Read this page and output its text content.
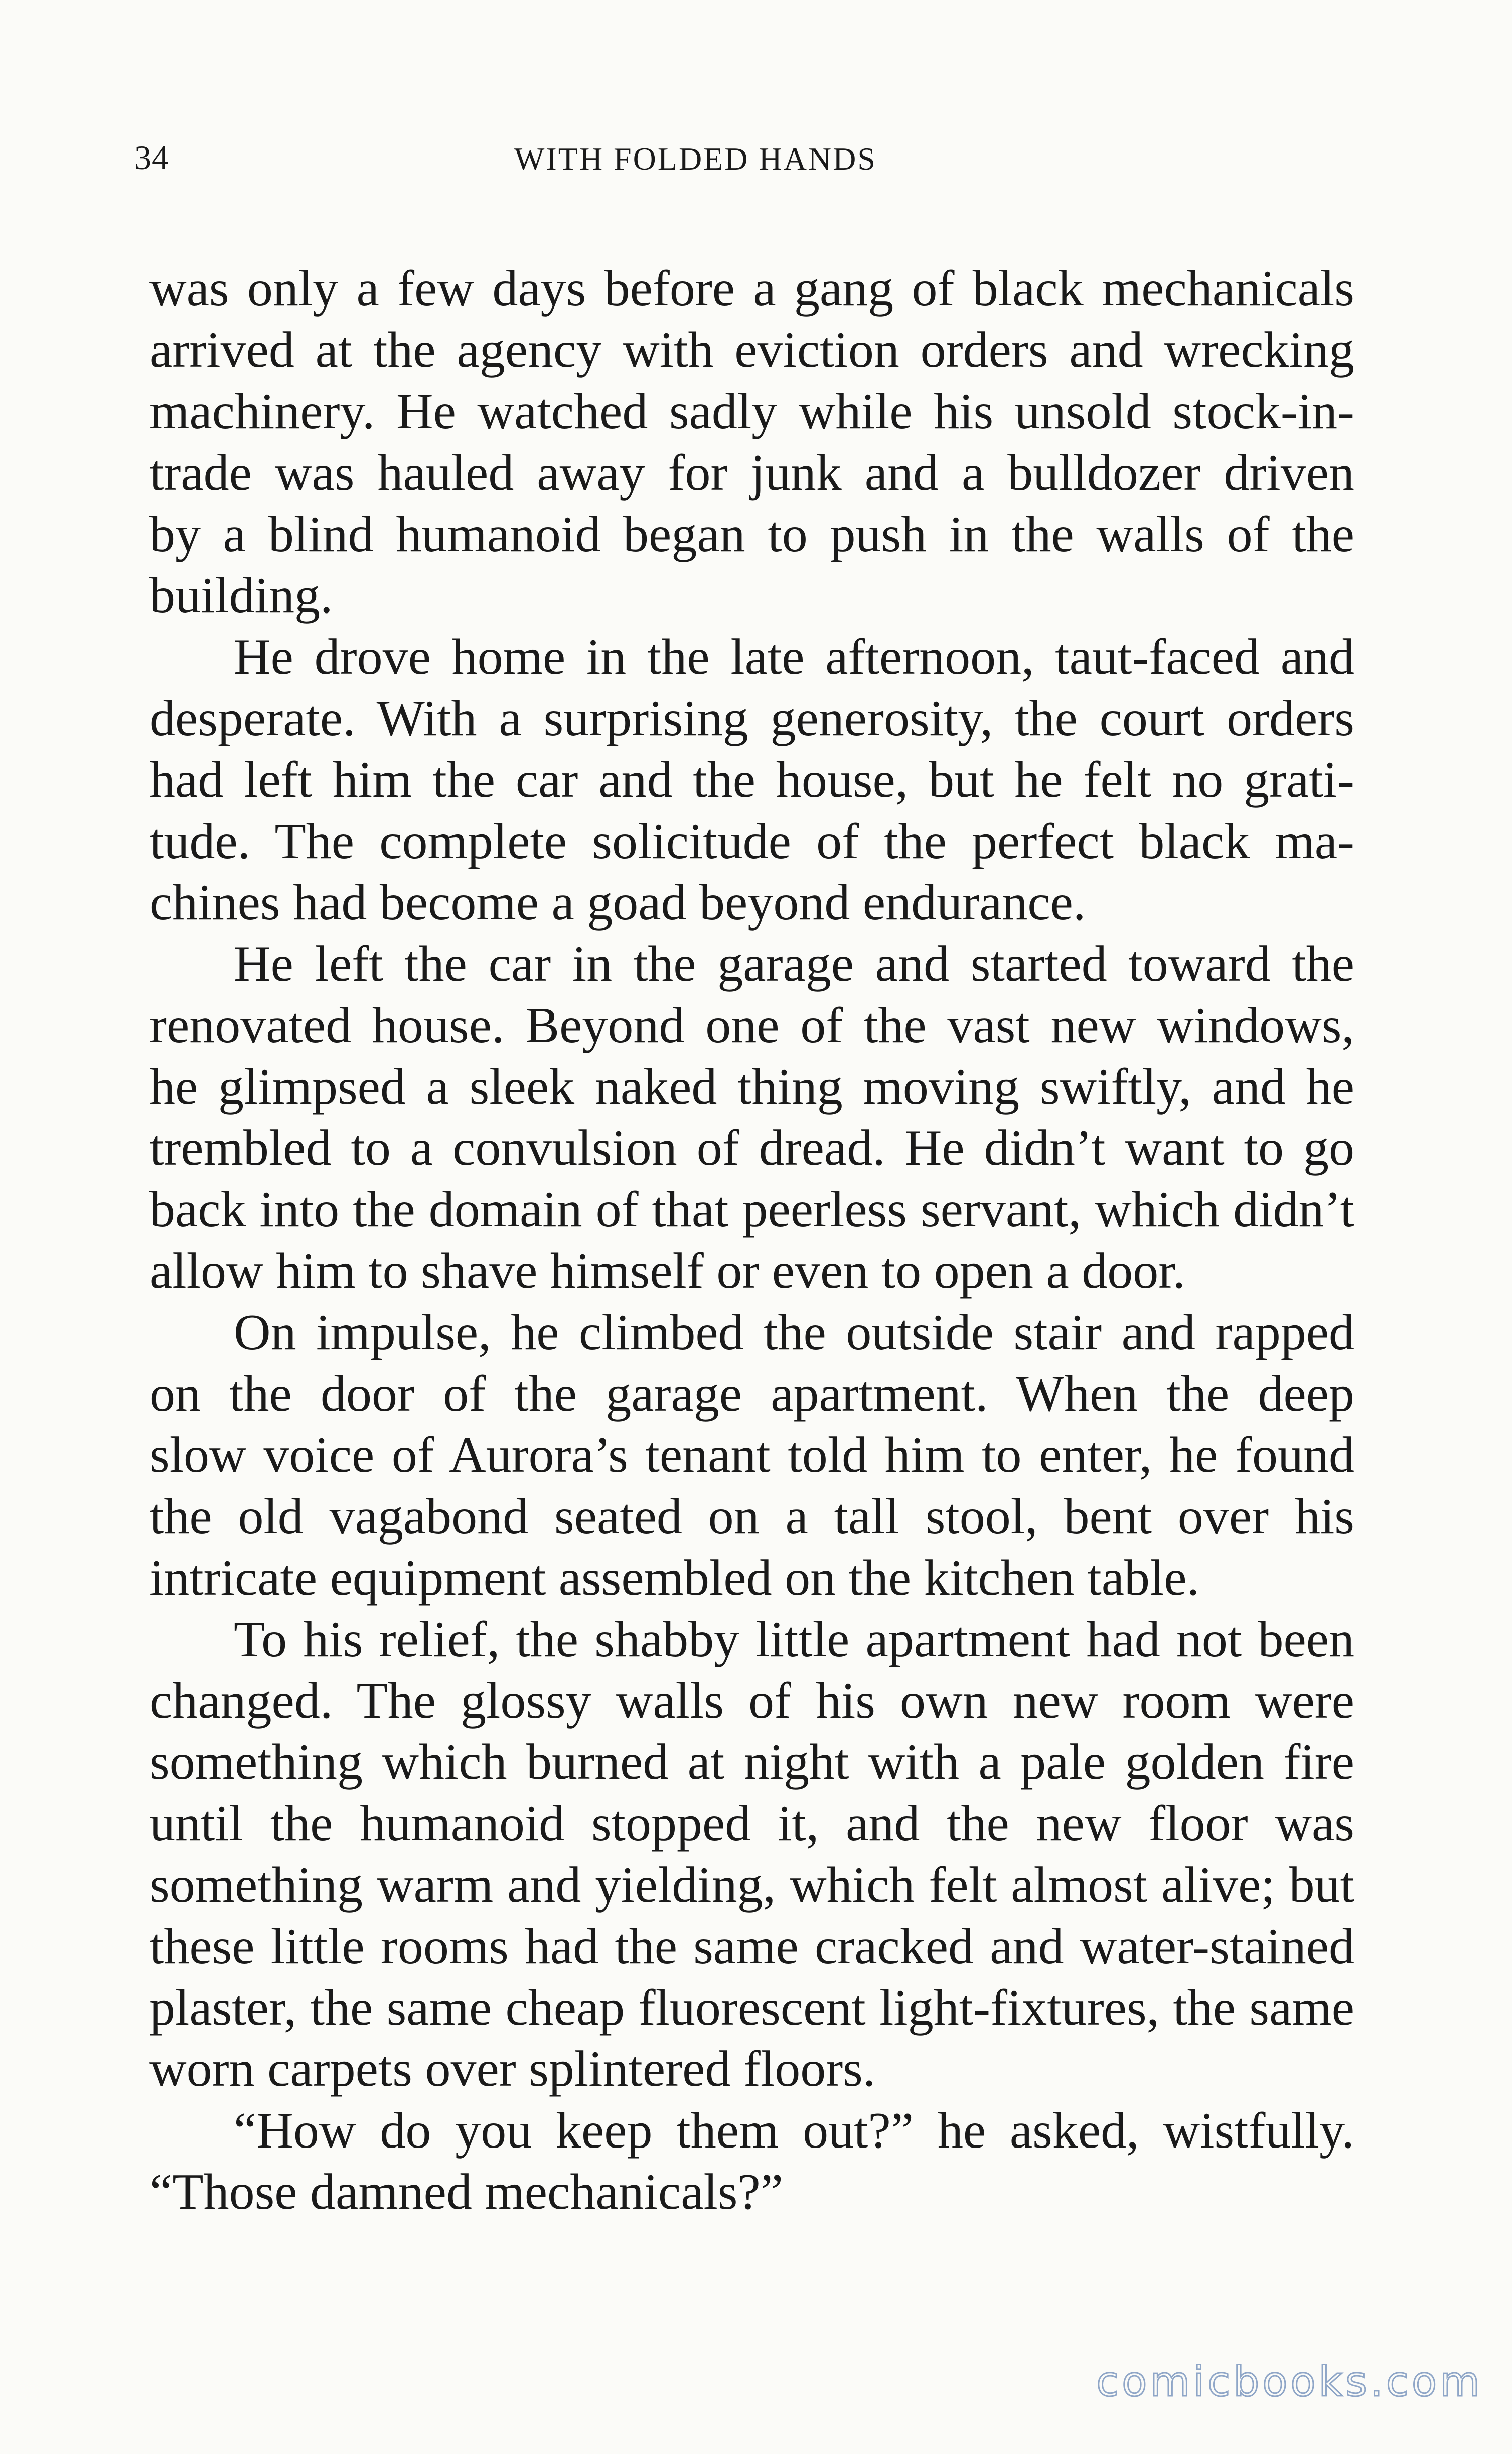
34	WITH FOLDED HANDS
was only a few days before a gang of black mechanicals
arrived at the agency with eviction orders and wrecking
machinery. He watched sadly while his unsold stock-in-
trade was hauled away for junk and a bulldozer driven
by a blind humanoid began to push in the walls of the
building.
He drove home in the late afternoon, taut-faced and
desperate. With a surprising generosity, the court orders
had left him the car and the house, but he felt no grati-
tude. The complete solicitude of the perfect black ma-
chines had become a goad beyond endurance.
He left the car in the garage and started toward the
renovated house. Beyond one of the vast new windows,
he glimpsed a sleek naked thing moving swiftly, and he
trembled to a convulsion of dread. He didn’t want to go
back into the domain of that peerless servant, which didn’t
allow him to shave himself or even to open a door.
On impulse, he climbed the outside stair and rapped
on the door of the garage apartment. When the deep
slow voice of Aurora’s tenant told him to enter, he found
the old vagabond seated on a tall stool, bent over his
intricate equipment assembled on the kitchen table.
To his relief, the shabby little apartment had not been
changed. The glossy walls of his own new room were
something which burned at night with a pale golden fire
until the humanoid stopped it, and the new floor was
something warm and yielding, which felt almost alive; but
these little rooms had the same cracked and water-stained
plaster, the same cheap fluorescent light-fixtures, the same
worn carpets over splintered floors.
“How do you keep them out?” he asked, wistfully.
“Those damned mechanicals?”
comicbooks.com
